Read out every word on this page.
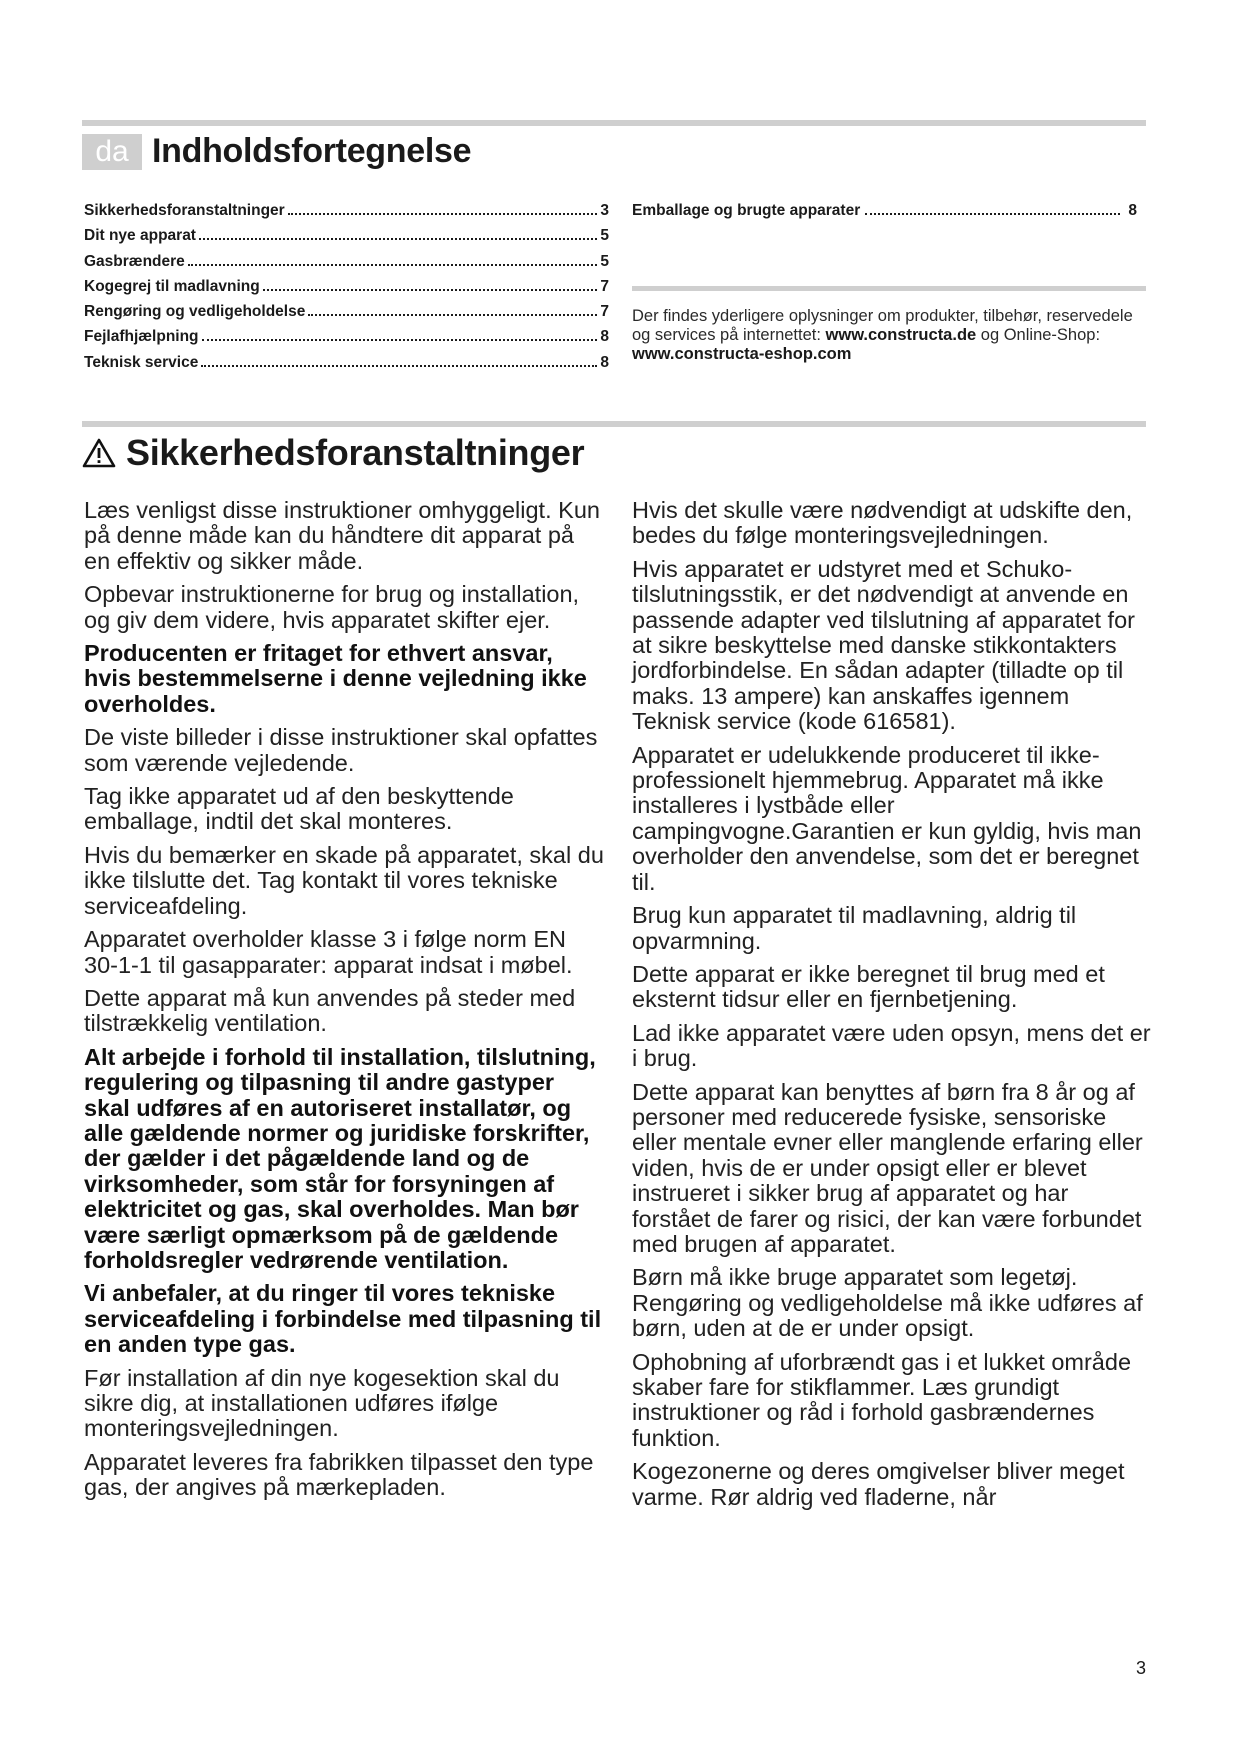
da Indholdsfortegnelse
Sikkerhedsforanstaltninger	3
Dit nye apparat	5
Gasbrændere	5
Kogegrej til madlavning	7
Rengøring og vedligeholdelse	7
Fejlafhjælpning	8
Teknisk service	8
Emballage og brugte apparater	8
Der findes yderligere oplysninger om produkter, tilbehør, reservedele og services på internettet: www.constructa.de og Online-Shop: www.constructa-eshop.com
Sikkerhedsforanstaltninger

Læs venligst disse instruktioner omhyggeligt. Kun på denne måde kan du håndtere dit apparat på en effektiv og sikker måde.

Opbevar instruktionerne for brug og installation, og giv dem videre, hvis apparatet skifter ejer.

Producenten er fritaget for ethvert ansvar, hvis bestemmelserne i denne vejledning ikke overholdes.

De viste billeder i disse instruktioner skal opfattes som værende vejledende.

Tag ikke apparatet ud af den beskyttende emballage, indtil det skal monteres.

Hvis du bemærker en skade på apparatet, skal du ikke tilslutte det. Tag kontakt til vores tekniske serviceafdeling.

Apparatet overholder klasse 3 i følge norm EN 30-1-1 til gasapparater: apparat indsat i møbel.

Dette apparat må kun anvendes på steder med tilstrækkelig ventilation.

Alt arbejde i forhold til installation, tilslutning, regulering og tilpasning til andre gastyper skal udføres af en autoriseret installatør, og alle gældende normer og juridiske forskrifter, der gælder i det pågældende land og de virksomheder, som står for forsyningen af elektricitet og gas, skal overholdes. Man bør være særligt opmærksom på de gældende forholdsregler vedrørende ventilation.

Vi anbefaler, at du ringer til vores tekniske serviceafdeling i forbindelse med tilpasning til en anden type gas.

Før installation af din nye kogesektion skal du sikre dig, at installationen udføres ifølge monteringsvejledningen.

Apparatet leveres fra fabrikken tilpasset den type gas, der angives på mærkepladen.

Hvis det skulle være nødvendigt at udskifte den, bedes du følge monteringsvejledningen.

Hvis apparatet er udstyret med et Schuko-tilslutningsstik, er det nødvendigt at anvende en passende adapter ved tilslutning af apparatet for at sikre beskyttelse med danske stikkontakters jordforbindelse. En sådan adapter (tilladte op til maks. 13 ampere) kan anskaffes igennem Teknisk service (kode 616581).

Apparatet er udelukkende produceret til ikke-professionelt hjemmebrug. Apparatet må ikke installeres i lystbåde eller campingvogne.Garantien er kun gyldig, hvis man overholder den anvendelse, som det er beregnet til.

Brug kun apparatet til madlavning, aldrig til opvarmning.

Dette apparat er ikke beregnet til brug med et eksternt tidsur eller en fjernbetjening.

Lad ikke apparatet være uden opsyn, mens det er i brug.

Dette apparat kan benyttes af børn fra 8 år og af personer med reducerede fysiske, sensoriske eller mentale evner eller manglende erfaring eller viden, hvis de er under opsigt eller er blevet instrueret i sikker brug af apparatet og har forstået de farer og risici, der kan være forbundet med brugen af apparatet.

Børn må ikke bruge apparatet som legetøj. Rengøring og vedligeholdelse må ikke udføres af børn, uden at de er under opsigt.

Ophobning af uforbrændt gas i et lukket område skaber fare for stikflammer. Læs grundigt instruktioner og råd i forhold gasbrændernes funktion.

Kogezonerne og deres omgivelser bliver meget varme. Rør aldrig ved fladerne, når

3
